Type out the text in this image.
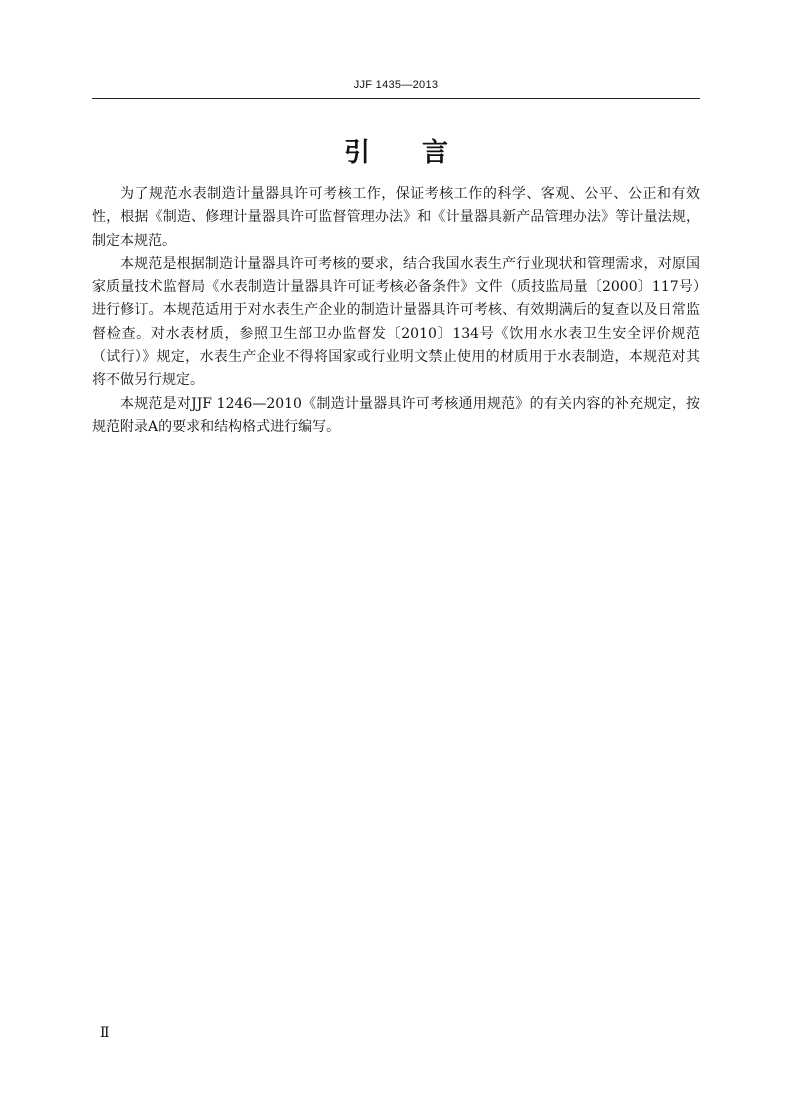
JJF 1435—2013
引 言

为了规范水表制造计量器具许可考核工作，保证考核工作的科学、客观、公平、公正和有效性，根据《制造、修理计量器具许可监督管理办法》和《计量器具新产品管理办法》等计量法规，制定本规范。

本规范是根据制造计量器具许可考核的要求，结合我国水表生产行业现状和管理需求，对原国家质量技术监督局《水表制造计量器具许可证考核必备条件》文件（质技监局量〔2000〕117号）进行修订。本规范适用于对水表生产企业的制造计量器具许可考核、有效期满后的复查以及日常监督检查。对水表材质，参照卫生部卫办监督发〔2010〕134号《饮用水水表卫生安全评价规范（试行）》规定，水表生产企业不得将国家或行业明文禁止使用的材质用于水表制造，本规范对其将不做另行规定。

本规范是对JJF 1246—2010《制造计量器具许可考核通用规范》的有关内容的补充规定，按规范附录A的要求和结构格式进行编写。

Ⅱ
